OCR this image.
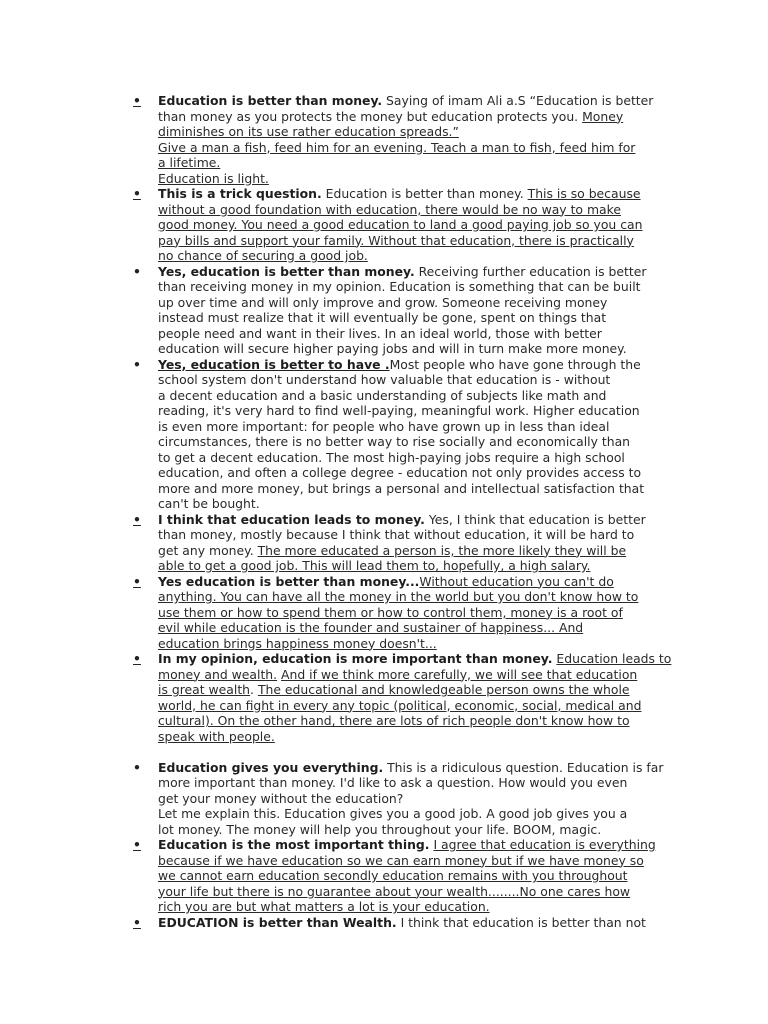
•	Education is better than money. Saying of imam Ali a.S “Education is better
than money as you protects the money but education protects you. Money
diminishes on its use rather education spreads.”
Give a man a fish, feed him for an evening. Teach a man to fish, feed him for
a lifetime.
Education is light.
•	This is a trick question. Education is better than money. This is so because
without a good foundation with education, there would be no way to make
good money. You need a good education to land a good paying job so you can
pay bills and support your family. Without that education, there is practically
no chance of securing a good job.
•	Yes, education is better than money. Receiving further education is better
than receiving money in my opinion. Education is something that can be built
up over time and will only improve and grow. Someone receiving money
instead must realize that it will eventually be gone, spent on things that
people need and want in their lives. In an ideal world, those with better
education will secure higher paying jobs and will in turn make more money.
•	Yes, education is better to have .Most people who have gone through the
school system don't understand how valuable that education is - without
a decent education and a basic understanding of subjects like math and
reading, it's very hard to find well-paying, meaningful work. Higher education
is even more important: for people who have grown up in less than ideal
circumstances, there is no better way to rise socially and economically than
to get a decent education. The most high-paying jobs require a high school
education, and often a college degree - education not only provides access to
more and more money, but brings a personal and intellectual satisfaction that
can't be bought.
•	I think that education leads to money. Yes, I think that education is better
than money, mostly because I think that without education, it will be hard to
get any money. The more educated a person is, the more likely they will be
able to get a good job. This will lead them to, hopefully, a high salary.
•	Yes education is better than money...Without education you can't do
anything. You can have all the money in the world but you don't know how to
use them or how to spend them or how to control them, money is a root of
evil while education is the founder and sustainer of happiness... And
education brings happiness money doesn't...
•	In my opinion, education is more important than money. Education leads to
money and wealth. And if we think more carefully, we will see that education
is great wealth. The educational and knowledgeable person owns the whole
world, he can fight in every any topic (political, economic, social, medical and
cultural). On the other hand, there are lots of rich people don't know how to
speak with people.
•	Education gives you everything. This is a ridiculous question. Education is far
more important than money. I'd like to ask a question. How would you even
get your money without the education?
Let me explain this. Education gives you a good job. A good job gives you a
lot money. The money will help you throughout your life. BOOM, magic.
•	Education is the most important thing. I agree that education is everything
because if we have education so we can earn money but if we have money so
we cannot earn education secondly education remains with you throughout
your life but there is no guarantee about your wealth........No one cares how
rich you are but what matters a lot is your education.
•	EDUCATION is better than Wealth. I think that education is better than not
